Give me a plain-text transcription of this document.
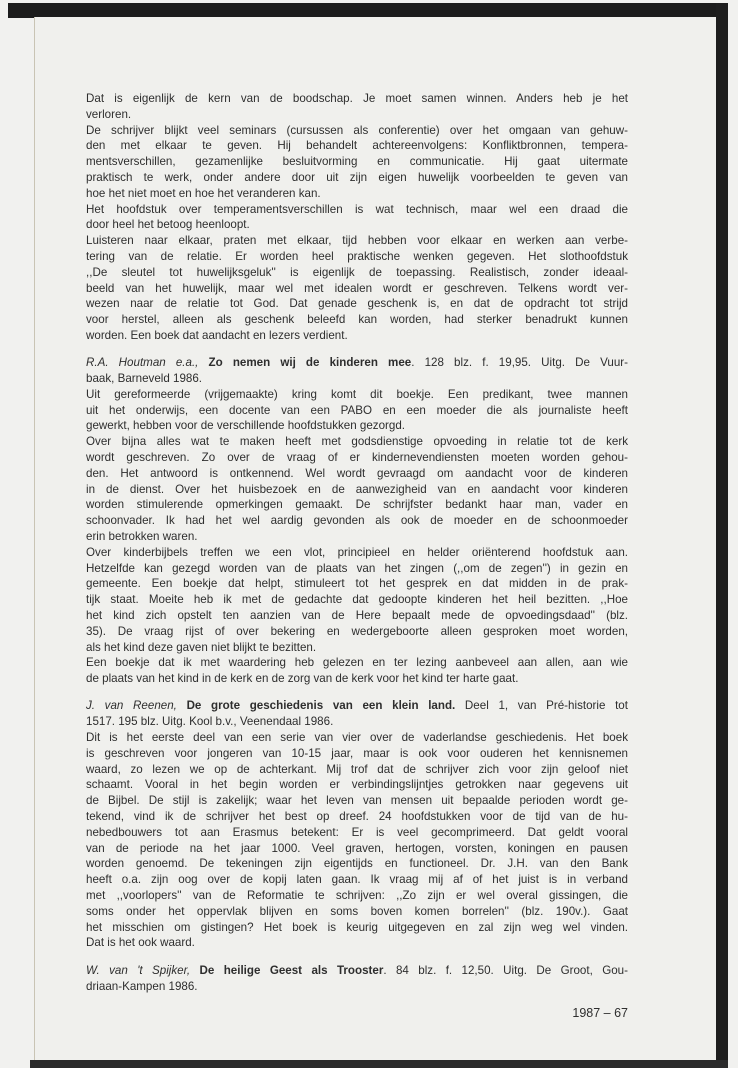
Dat is eigenlijk de kern van de boodschap. Je moet samen winnen. Anders heb je het
verloren.
De schrijver blijkt veel seminars (cursussen als conferentie) over het omgaan van gehuw-
den met elkaar te geven. Hij behandelt achtereenvolgens: Konfliktbronnen, tempera-
mentsverschillen, gezamenlijke besluitvorming en communicatie. Hij gaat uitermate
praktisch te werk, onder andere door uit zijn eigen huwelijk voorbeelden te geven van
hoe het niet moet en hoe het veranderen kan.
Het hoofdstuk over temperamentsverschillen is wat technisch, maar wel een draad die
door heel het betoog heenloopt.
Luisteren naar elkaar, praten met elkaar, tijd hebben voor elkaar en werken aan verbe-
tering van de relatie. Er worden heel praktische wenken gegeven. Het slothoofdstuk
,,De sleutel tot huwelijksgeluk'' is eigenlijk de toepassing. Realistisch, zonder ideaal-
beeld van het huwelijk, maar wel met idealen wordt er geschreven. Telkens wordt ver-
wezen naar de relatie tot God. Dat genade geschenk is, en dat de opdracht tot strijd
voor herstel, alleen als geschenk beleefd kan worden, had sterker benadrukt kunnen
worden. Een boek dat aandacht en lezers verdient.
R.A. Houtman e.a., Zo nemen wij de kinderen mee. 128 blz. f. 19,95. Uitg. De Vuur-
baak, Barneveld 1986.
Uit gereformeerde (vrijgemaakte) kring komt dit boekje. Een predikant, twee mannen
uit het onderwijs, een docente van een PABO en een moeder die als journaliste heeft
gewerkt, hebben voor de verschillende hoofdstukken gezorgd.
Over bijna alles wat te maken heeft met godsdienstige opvoeding in relatie tot de kerk
wordt geschreven. Zo over de vraag of er kindernevendiensten moeten worden gehou-
den. Het antwoord is ontkennend. Wel wordt gevraagd om aandacht voor de kinderen
in de dienst. Over het huisbezoek en de aanwezigheid van en aandacht voor kinderen
worden stimulerende opmerkingen gemaakt. De schrijfster bedankt haar man, vader en
schoonvader. Ik had het wel aardig gevonden als ook de moeder en de schoonmoeder
erin betrokken waren.
Over kinderbijbels treffen we een vlot, principieel en helder oriënterend hoofdstuk aan.
Hetzelfde kan gezegd worden van de plaats van het zingen (,,om de zegen'') in gezin en
gemeente. Een boekje dat helpt, stimuleert tot het gesprek en dat midden in de prak-
tijk staat. Moeite heb ik met de gedachte dat gedoopte kinderen het heil bezitten. ,,Hoe
het kind zich opstelt ten aanzien van de Here bepaalt mede de opvoedingsdaad'' (blz.
35). De vraag rijst of over bekering en wedergeboorte alleen gesproken moet worden,
als het kind deze gaven niet blijkt te bezitten.
Een boekje dat ik met waardering heb gelezen en ter lezing aanbeveel aan allen, aan wie
de plaats van het kind in de kerk en de zorg van de kerk voor het kind ter harte gaat.
J. van Reenen, De grote geschiedenis van een klein land. Deel 1, van Pré-historie tot
1517. 195 blz. Uitg. Kool b.v., Veenendaal 1986.
Dit is het eerste deel van een serie van vier over de vaderlandse geschiedenis. Het boek
is geschreven voor jongeren van 10-15 jaar, maar is ook voor ouderen het kennisnemen
waard, zo lezen we op de achterkant. Mij trof dat de schrijver zich voor zijn geloof niet
schaamt. Vooral in het begin worden er verbindingslijntjes getrokken naar gegevens uit
de Bijbel. De stijl is zakelijk; waar het leven van mensen uit bepaalde perioden wordt ge-
tekend, vind ik de schrijver het best op dreef. 24 hoofdstukken voor de tijd van de hu-
nebedbouwers tot aan Erasmus betekent: Er is veel gecomprimeerd. Dat geldt vooral
van de periode na het jaar 1000. Veel graven, hertogen, vorsten, koningen en pausen
worden genoemd. De tekeningen zijn eigentijds en functioneel. Dr. J.H. van den Bank
heeft o.a. zijn oog over de kopij laten gaan. Ik vraag mij af of het juist is in verband
met ,,voorlopers'' van de Reformatie te schrijven: ,,Zo zijn er wel overal gissingen, die
soms onder het oppervlak blijven en soms boven komen borrelen'' (blz. 190v.). Gaat
het misschien om gistingen? Het boek is keurig uitgegeven en zal zijn weg wel vinden.
Dat is het ook waard.
W. van 't Spijker, De heilige Geest als Trooster. 84 blz. f. 12,50. Uitg. De Groot, Gou-
driaan-Kampen 1986.
1987 – 67
